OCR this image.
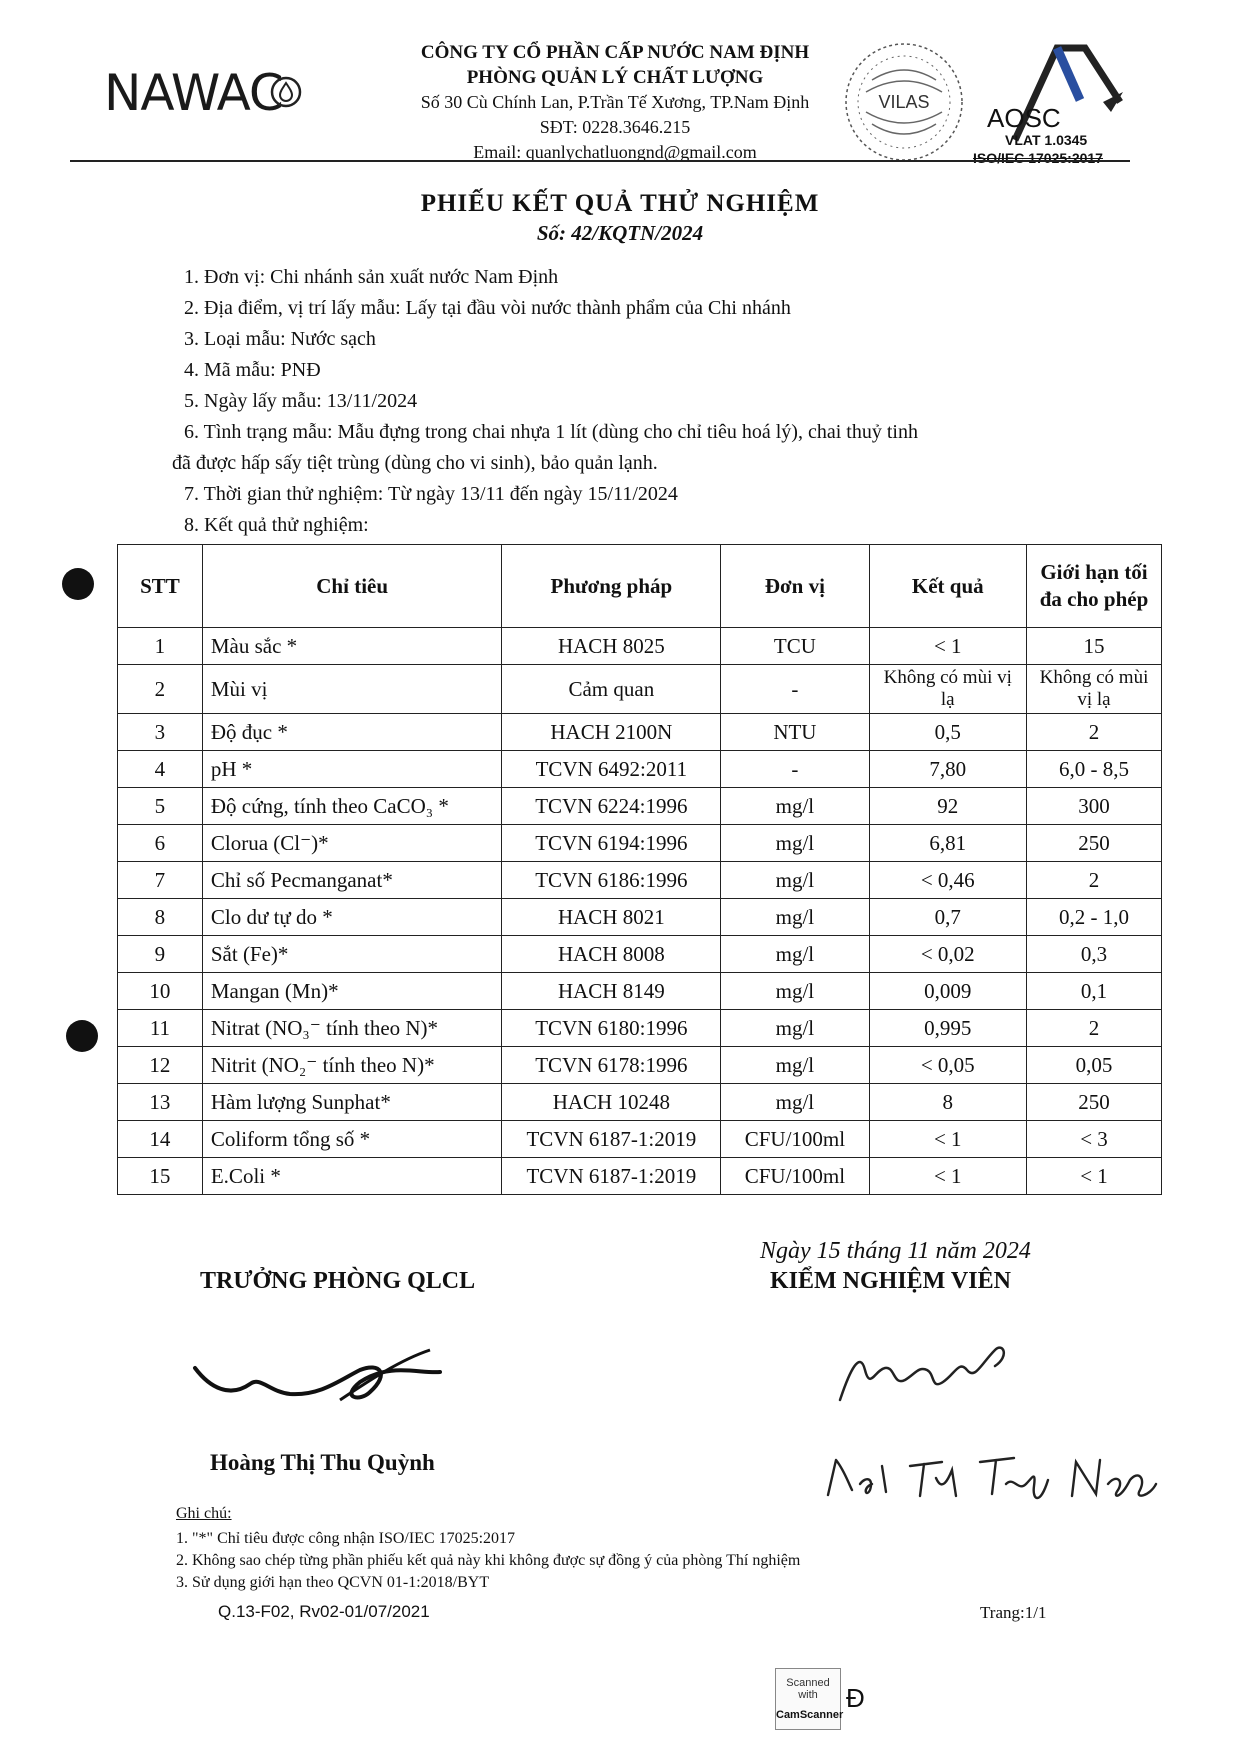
NAWAC
CÔNG TY CỔ PHẦN CẤP NƯỚC NAM ĐỊNH
PHÒNG QUẢN LÝ CHẤT LƯỢNG
Số 30 Cù Chính Lan, P.Trần Tế Xương, TP.Nam Định
SĐT: 0228.3646.215
Email: quanlychatluongnd@gmail.com
VILAS
AOSC
VLAT 1.0345
ISO/IEC 17025:2017
PHIẾU KẾT QUẢ THỬ NGHIỆM
Số: 42/KQTN/2024
1. Đơn vị: Chi nhánh sản xuất nước Nam Định
2. Địa điểm, vị trí lấy mẫu: Lấy tại đầu vòi nước thành phẩm của Chi nhánh
3. Loại mẫu: Nước sạch
4. Mã mẫu: PNĐ
5. Ngày lấy mẫu: 13/11/2024
6. Tình trạng mẫu: Mẫu đựng trong chai nhựa 1 lít (dùng cho chỉ tiêu hoá lý), chai thuỷ tinh
đã được hấp sấy tiệt trùng (dùng cho vi sinh), bảo quản lạnh.
7. Thời gian thử nghiệm: Từ ngày 13/11 đến ngày 15/11/2024
8. Kết quả thử nghiệm:
STT	Chỉ tiêu	Phương pháp	Đơn vị	Kết quả	Giới hạn tối đa cho phép
1	Màu sắc *	HACH 8025	TCU	< 1	15
2	Mùi vị	Cảm quan	-	Không có mùi vị lạ	Không có mùi vị lạ
3	Độ đục *	HACH 2100N	NTU	0,5	2
4	pH *	TCVN 6492:2011	-	7,80	6,0 - 8,5
5	Độ cứng, tính theo CaCO₃ *	TCVN 6224:1996	mg/l	92	300
6	Clorua (Cl⁻)*	TCVN 6194:1996	mg/l	6,81	250
7	Chỉ số Pecmanganat*	TCVN 6186:1996	mg/l	< 0,46	2
8	Clo dư tự do *	HACH 8021	mg/l	0,7	0,2 - 1,0
9	Sắt (Fe)*	HACH 8008	mg/l	< 0,02	0,3
10	Mangan (Mn)*	HACH 8149	mg/l	0,009	0,1
11	Nitrat (NO₃⁻ tính theo N)*	TCVN 6180:1996	mg/l	0,995	2
12	Nitrit (NO₂⁻ tính theo N)*	TCVN 6178:1996	mg/l	< 0,05	0,05
13	Hàm lượng Sunphat*	HACH 10248	mg/l	8	250
14	Coliform tổng số *	TCVN 6187-1:2019	CFU/100ml	< 1	< 3
15	E.Coli *	TCVN 6187-1:2019	CFU/100ml	< 1	< 1
Ngày 15 tháng 11 năm 2024
TRƯỞNG PHÒNG QLCL	KIỂM NGHIỆM VIÊN
Hoàng Thị Thu Quỳnh
Ghi chú:
1. "*" Chỉ tiêu được công nhận ISO/IEC 17025:2017
2. Không sao chép từng phần phiếu kết quả này khi không được sự đồng ý của phòng Thí nghiệm
3. Sử dụng giới hạn theo QCVN 01-1:2018/BYT
Q.13-F02, Rv02-01/07/2021	Trang:1/1
Scanned with
CamScanner
Đ
